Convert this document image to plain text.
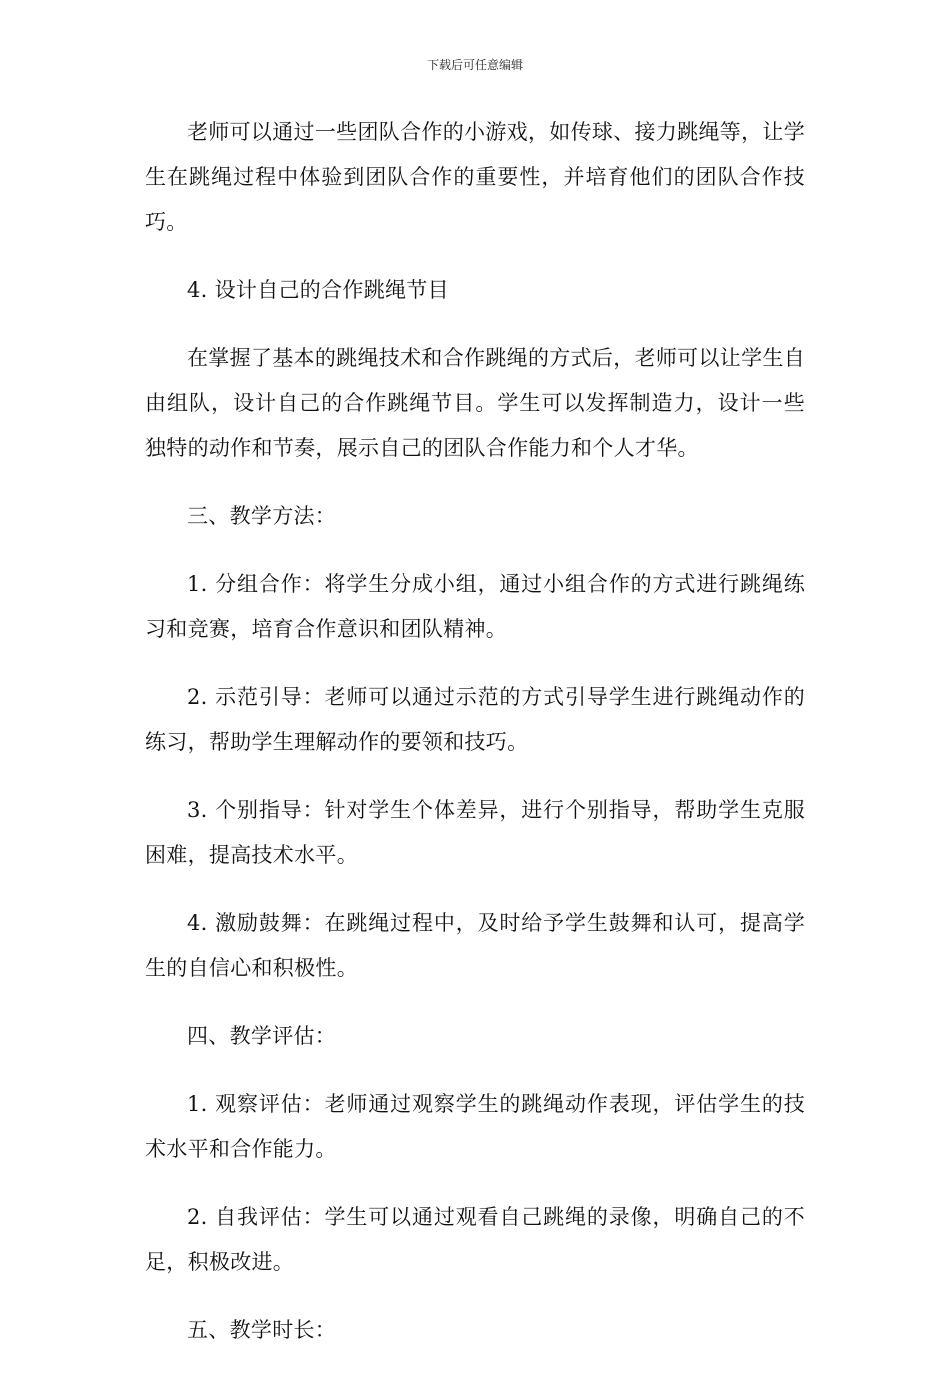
下载后可任意编辑

老师可以通过一些团队合作的小游戏，如传球、接力跳绳等，让学生在跳绳过程中体验到团队合作的重要性，并培育他们的团队合作技巧。

4. 设计自己的合作跳绳节目

在掌握了基本的跳绳技术和合作跳绳的方式后，老师可以让学生自由组队，设计自己的合作跳绳节目。学生可以发挥制造力，设计一些独特的动作和节奏，展示自己的团队合作能力和个人才华。

三、教学方法：

1. 分组合作：将学生分成小组，通过小组合作的方式进行跳绳练习和竞赛，培育合作意识和团队精神。

2. 示范引导：老师可以通过示范的方式引导学生进行跳绳动作的练习，帮助学生理解动作的要领和技巧。

3. 个别指导：针对学生个体差异，进行个别指导，帮助学生克服困难，提高技术水平。

4. 激励鼓舞：在跳绳过程中，及时给予学生鼓舞和认可，提高学生的自信心和积极性。

四、教学评估：

1. 观察评估：老师通过观察学生的跳绳动作表现，评估学生的技术水平和合作能力。

2. 自我评估：学生可以通过观看自己跳绳的录像，明确自己的不足，积极改进。

五、教学时长：
